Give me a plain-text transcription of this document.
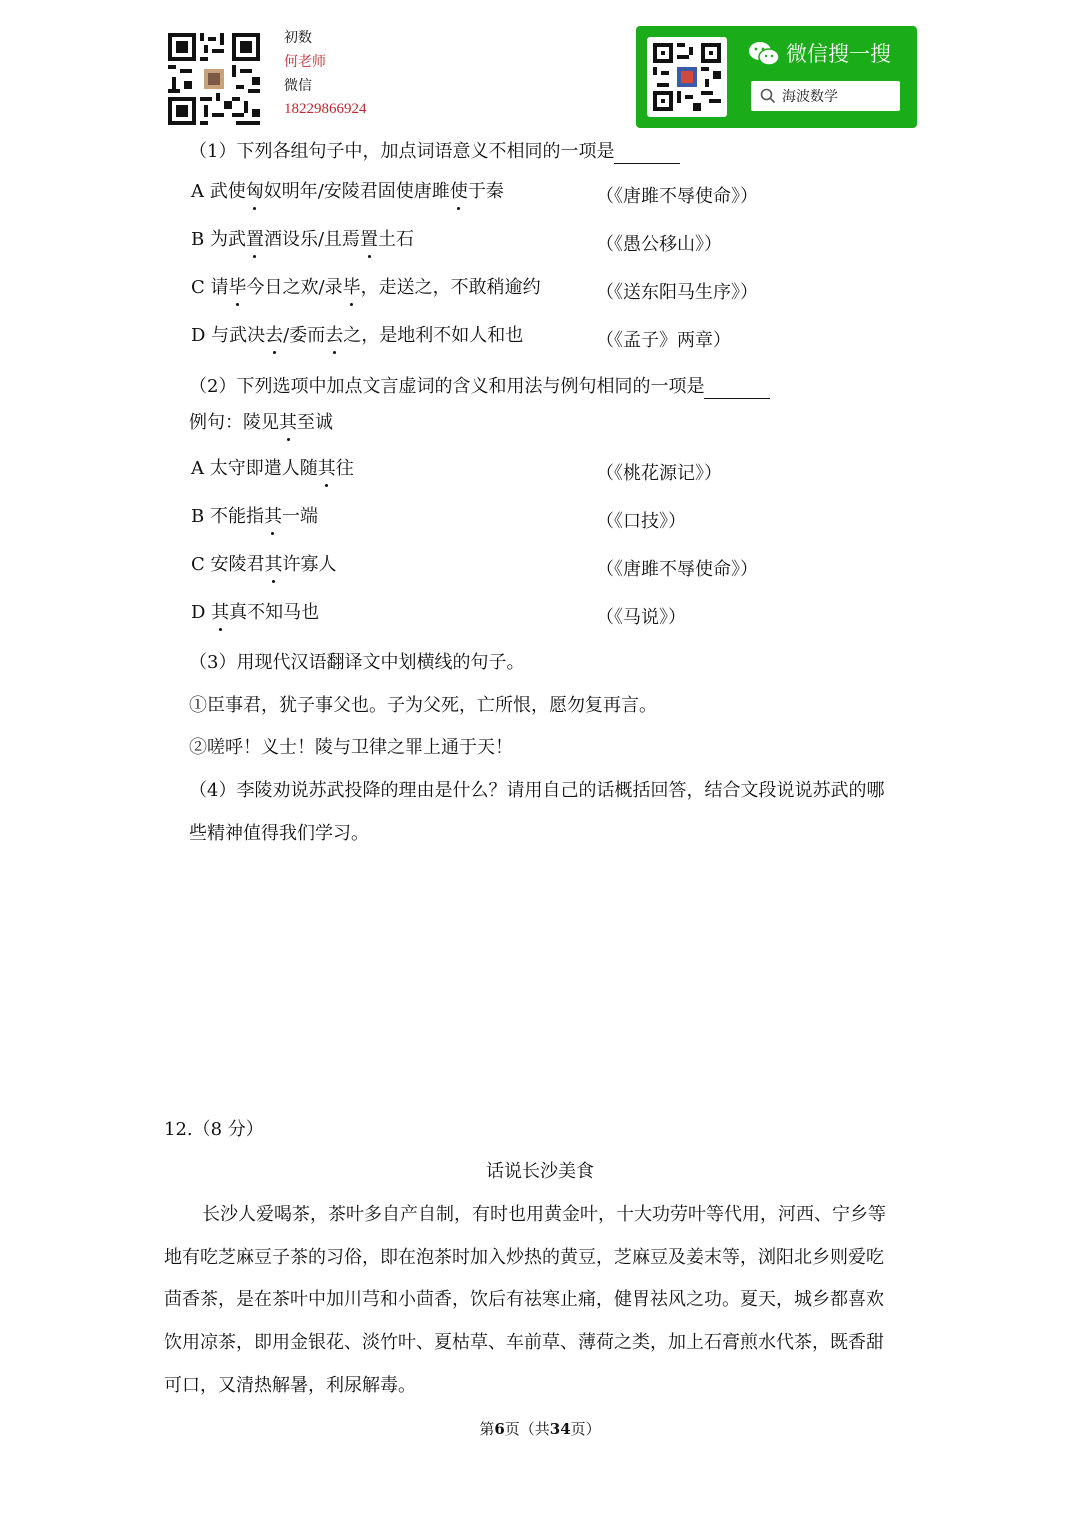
初数
何老师
微信
18229866924
微信搜一搜
海波数学
（1）下列各组句子中，加点词语意义不相同的一项是
A 武使匈奴明年/安陵君固使唐雎使于秦	（《唐雎不辱使命》）
B 为武置酒设乐/且焉置土石	（《愚公移山》）
C 请毕今日之欢/录毕，走送之，不敢稍逾约	（《送东阳马生序》）
D 与武决去/委而去之，是地利不如人和也	（《孟子》两章）
（2）下列选项中加点文言虚词的含义和用法与例句相同的一项是
例句：陵见其至诚
A 太守即遣人随其往	（《桃花源记》）
B 不能指其一端	（《口技》）
C 安陵君其许寡人	（《唐雎不辱使命》）
D 其真不知马也	（《马说》）
（3）用现代汉语翻译文中划横线的句子。
①臣事君，犹子事父也。子为父死，亡所恨，愿勿复再言。
②嗟呼！义士！陵与卫律之罪上通于天！
（4）李陵劝说苏武投降的理由是什么？请用自己的话概括回答，结合文段说说苏武的哪
些精神值得我们学习。
12.（8 分）
话说长沙美食
长沙人爱喝茶，茶叶多自产自制，有时也用黄金叶，十大功劳叶等代用，河西、宁乡等
地有吃芝麻豆子茶的习俗，即在泡茶时加入炒热的黄豆，芝麻豆及姜末等，浏阳北乡则爱吃
茴香茶，是在茶叶中加川芎和小茴香，饮后有祛寒止痛，健胃祛风之功。夏天，城乡都喜欢
饮用凉茶，即用金银花、淡竹叶、夏枯草、车前草、薄荷之类，加上石膏煎水代茶，既香甜
可口，又清热解暑，利尿解毒。
第6页（共34页）
